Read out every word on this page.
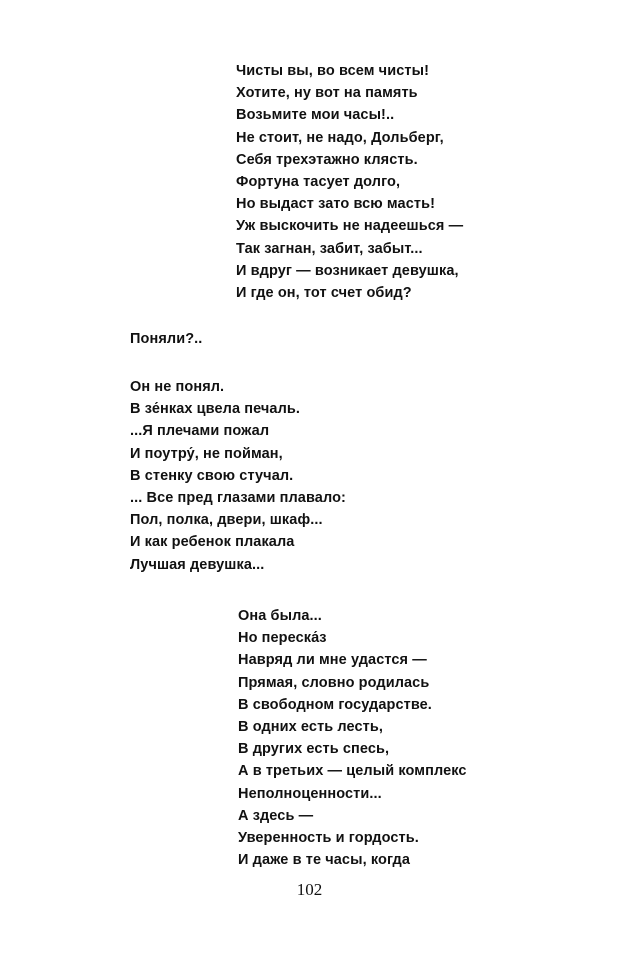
Чисты вы, во всем чисты!
Хотите, ну вот на память
Возьмите мои часы!..
Не стоит, не надо, Дольберг,
Себя трехэтажно клясть.
Фортуна тасует долго,
Но выдаст зато всю масть!
Уж выскочить не надеешься —
Так загнан, забит, забыт...
И вдруг — возникает девушка,
И где он, тот счет обид?
Поняли?..
Он не понял.
В зе́нках цвела печаль.
...Я плечами пожал
И поутру́, не пойман,
В стенку свою стучал.
... Все пред глазами плавало:
Пол, полка, двери, шкаф...
И как ребенок плакала
Лучшая девушка...
Она была...
Но переска́з
Навряд ли мне удастся —
Прямая, словно родилась
В свободном государстве.
В одних есть лесть,
В других есть спесь,
А в третьих — целый комплекс
Неполноценности...
А здесь —
Уверенность и гордость.
И даже в те часы, когда
102
